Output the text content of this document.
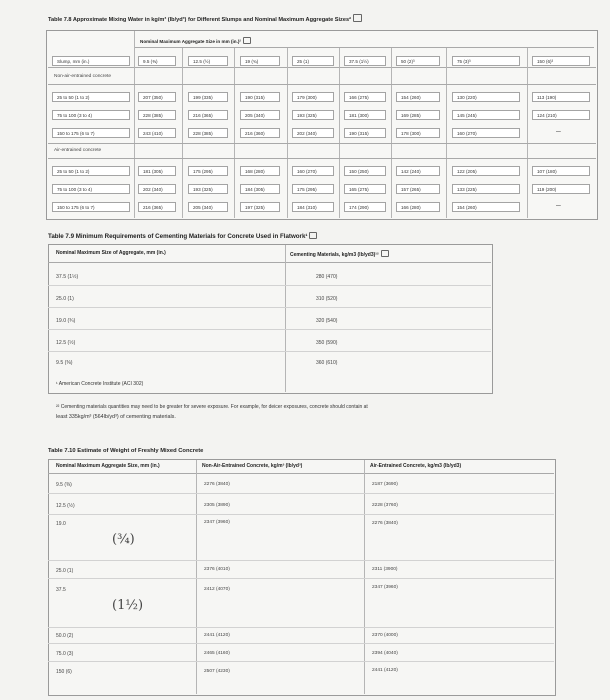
Table 7.8 Approximate Mixing Water in kg/m³ (lb/yd³) for Different Slumps and Nominal Maximum Aggregate Sizes²
Nominal Maximum Aggregate Size in mm (in.)²
Slump, mm (in.)	9.5 (⅜)	12.5 (½)	19 (¾)	25 (1)	37.5 (1½)	50 (2)³	75 (3)³	150 (6)³
Non-air-entrained concrete
25 to 50 (1 to 2)	207 (350)	199 (335)	190 (315)	179 (300)	166 (275)	154 (260)	130 (220)	113 (190)
75 to 100 (3 to 4)	228 (385)	216 (365)	205 (340)	193 (325)	181 (300)	169 (285)	145 (245)	124 (210)
150 to 175 (6 to 7)	243 (410)	228 (385)	216 (360)	202 (340)	190 (315)	178 (300)	160 (270)	—
Air-entrained concrete
25 to 50 (1 to 2)	181 (305)	175 (295)	168 (280)	160 (270)	150 (250)	142 (240)	122 (205)	107 (180)
75 to 100 (3 to 4)	202 (340)	193 (325)	184 (305)	175 (295)	165 (275)	157 (265)	133 (225)	119 (200)
150 to 175 (6 to 7)	216 (365)	205 (340)	197 (325)	184 (310)	174 (290)	166 (280)	154 (260)	—
Table 7.9 Minimum Requirements of Cementing Materials for Concrete Used in Flatwork¹
Nominal Maximum Size of Aggregate, mm (in.)	Cementing Materials, kg/m3 (lb/yd3)¹²
37.5 (1½)	280 (470)
25.0 (1)	310 (520)
19.0 (¾)	320 (540)
12.5 (½)	350 (590)
9.5 (⅜)	360 (610)
¹ American Concrete Institute (ACI 302)
²² Cementing materials quantities may need to be greater for severe exposure. For example, for deicer exposures, concrete should contain at
least 335kg/m³ (564lb/yd³) of cementing materials.
Table 7.10 Estimate of Weight of Freshly Mixed Concrete
Nominal Maximum Aggregate Size, mm (in.)	Non-Air-Entrained Concrete, kg/m³ (lb/yd³)	Air-Entrained Concrete, kg/m3 (lb/yd3)
9.5 (⅜)	2276 (3840)	2187 (3690)
12.5 (½)	2305 (3890)	2228 (3760)
19.0	2347 (3960)	2276 (3840)
(¾)
25.0 (1)	2376 (4010)	2311 (3900)
37.5	2412 (4070)	2347 (3960)
(1½)
50.0 (2)	2441 (4120)	2370 (4000)
75.0 (3)	2465 (4160)	2394 (4040)
150 (6)	2507 (4230)	2441 (4120)
